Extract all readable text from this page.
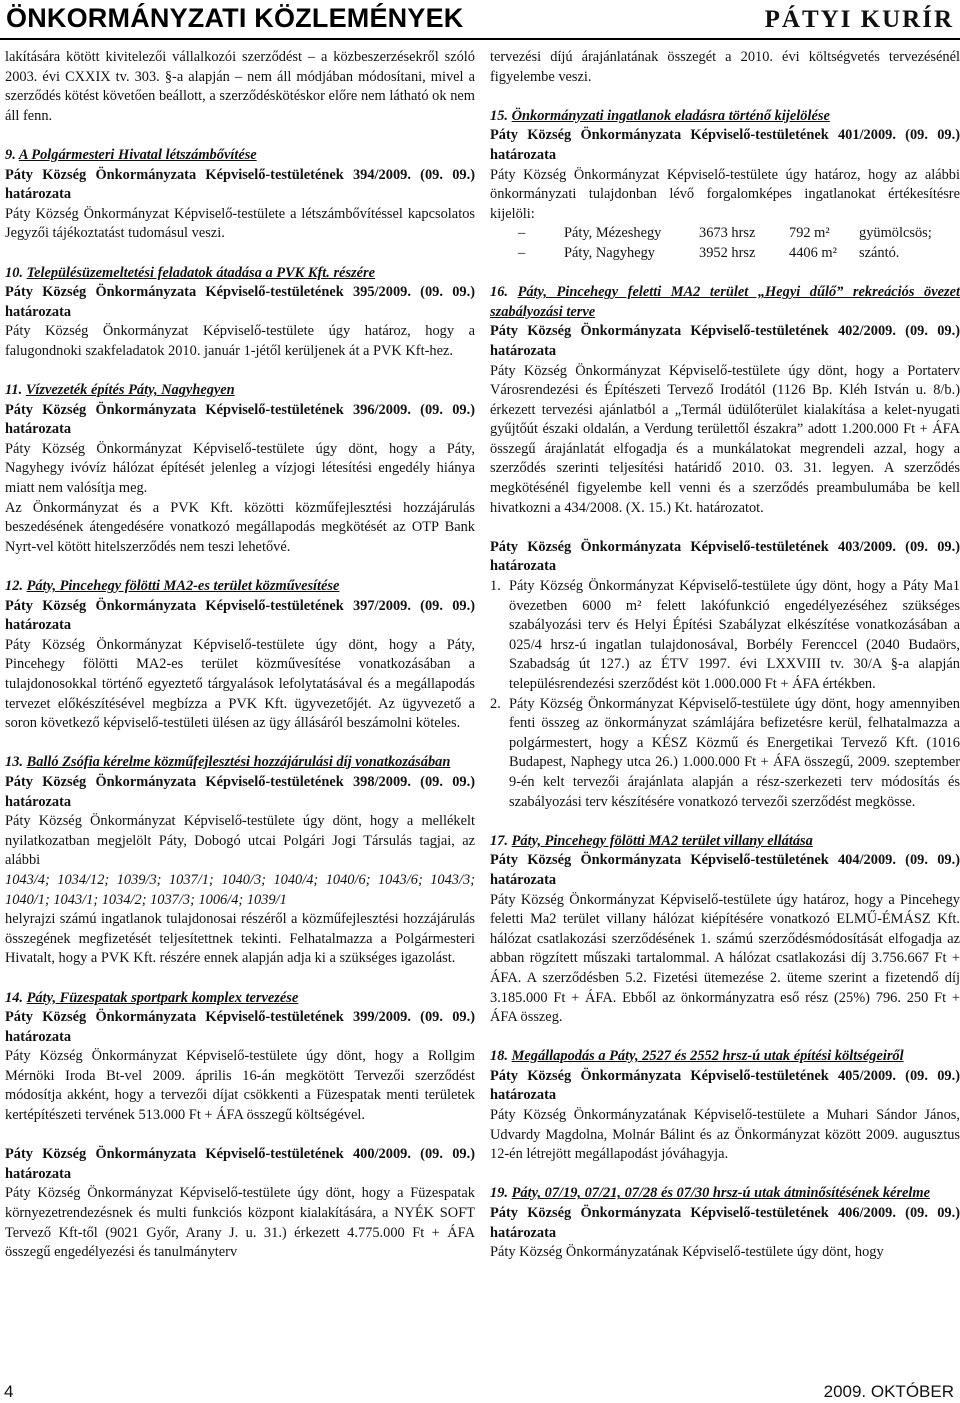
ÖNKORMÁNYZATI KÖZLEMÉNYEK	PÁTYI KURÍR

lakítására kötött kivitelezői vállalkozói szerződést – a közbeszerzésekről szóló 2003. évi CXXIX tv. 303. §-a alapján – nem áll módjában módosítani, mivel a szerződés kötést követően beállott, a szerződéskötéskor előre nem látható ok nem áll fenn.

9. A Polgármesteri Hivatal létszámbővítése

Páty Község Önkormányzata Képviselő-testületének 394/2009. (09. 09.) határozata

Páty Község Önkormányzat Képviselő-testülete a létszámbővítéssel kapcsolatos Jegyzői tájékoztatást tudomásul veszi.

10. Településüzemeltetési feladatok átadása a PVK Kft. részére

Páty Község Önkormányzata Képviselő-testületének 395/2009. (09. 09.) határozata

Páty Község Önkormányzat Képviselő-testülete úgy határoz, hogy a falugondnoki szakfeladatok 2010. január 1-jétől kerüljenek át a PVK Kft-hez.

11. Vízvezeték építés Páty, Nagyhegyen

Páty Község Önkormányzata Képviselő-testületének 396/2009. (09. 09.) határozata

Páty Község Önkormányzat Képviselő-testülete úgy dönt, hogy a Páty, Nagyhegy ivóvíz hálózat építését jelenleg a vízjogi létesítési engedély hiánya miatt nem valósítja meg.

Az Önkormányzat és a PVK Kft. közötti közműfejlesztési hozzájárulás beszedésének átengedésére vonatkozó megállapodás megkötését az OTP Bank Nyrt-vel kötött hitelszerződés nem teszi lehetővé.

12. Páty, Pincehegy fölötti MA2-es terület közművesítése

Páty Község Önkormányzata Képviselő-testületének 397/2009. (09. 09.) határozata

Páty Község Önkormányzat Képviselő-testülete úgy dönt, hogy a Páty, Pincehegy fölötti MA2-es terület közművesítése vonatkozásában a tulajdonosokkal történő egyeztető tárgyalások lefolytatásával és a megállapodás tervezet előkészítésével megbízza a PVK Kft. ügyvezetőjét. Az ügyvezető a soron következő képviselő-testületi ülésen az ügy állásáról beszámolni köteles.

13. Balló Zsófia kérelme közműfejlesztési hozzájárulási díj vonatkozásában

Páty Község Önkormányzata Képviselő-testületének 398/2009. (09. 09.) határozata

Páty Község Önkormányzat Képviselő-testülete úgy dönt, hogy a mellékelt nyilatkozatban megjelölt Páty, Dobogó utcai Polgári Jogi Társulás tagjai, az alábbi

1043/4; 1034/12; 1039/3; 1037/1; 1040/3; 1040/4; 1040/6; 1043/6; 1043/3; 1040/1; 1043/1; 1034/2; 1037/3; 1006/4; 1039/1

helyrajzi számú ingatlanok tulajdonosai részéről a közműfejlesztési hozzájárulás összegének megfizetését teljesítettnek tekinti. Felhatalmazza a Polgármesteri Hivatalt, hogy a PVK Kft. részére ennek alapján adja ki a szükséges igazolást.

14. Páty, Füzespatak sportpark komplex tervezése

Páty Község Önkormányzata Képviselő-testületének 399/2009. (09. 09.) határozata

Páty Község Önkormányzat Képviselő-testülete úgy dönt, hogy a Rollgim Mérnöki Iroda Bt-vel 2009. április 16-án megkötött Tervezői szerződést módosítja akként, hogy a tervezői díjat csökkenti a Füzespatak menti területek kertépítészeti tervének 513.000 Ft + ÁFA összegű költségével.

Páty Község Önkormányzata Képviselő-testületének 400/2009. (09. 09.) határozata

Páty Község Önkormányzat Képviselő-testülete úgy dönt, hogy a Füzespatak környezetrendezésnek és multi funkciós központ kialakítására, a NYÉK SOFT Tervező Kft-től (9021 Győr, Arany J. u. 31.) érkezett 4.775.000 Ft + ÁFA összegű engedélyezési és tanulmányterv

tervezési díjú árajánlatának összegét a 2010. évi költségvetés tervezésénél figyelembe veszi.

15. Önkormányzati ingatlanok eladásra történő kijelölése

Páty Község Önkormányzata Képviselő-testületének 401/2009. (09. 09.) határozata

Páty Község Önkormányzat Képviselő-testülete úgy határoz, hogy az alábbi önkormányzati tulajdonban lévő forgalomképes ingatlanokat értékesítésre kijelöli:

–	Páty, Mézeshegy	3673 hrsz	792 m²	gyümölcsös;
–	Páty, Nagyhegy	3952 hrsz	4406 m²	szántó.

16. Páty, Pincehegy feletti MA2 terület „Hegyi dűlő” rekreációs övezet szabályozási terve

Páty Község Önkormányzata Képviselő-testületének 402/2009. (09. 09.) határozata

Páty Község Önkormányzat Képviselő-testülete úgy dönt, hogy a Portaterv Városrendezési és Építészeti Tervező Irodától (1126 Bp. Kléh István u. 8/b.) érkezett tervezési ajánlatból a „Termál üdülőterület kialakítása a kelet-nyugati gyűjtőút északi oldalán, a Verdung területtől északra” adott 1.200.000 Ft + ÁFA összegű árajánlatát elfogadja és a munkálatokat megrendeli azzal, hogy a szerződés szerinti teljesítési határidő 2010. 03. 31. legyen. A szerződés megkötésénél figyelembe kell venni és a szerződés preambulumába be kell hivatkozni a 434/2008. (X. 15.) Kt. határozatot.

Páty Község Önkormányzata Képviselő-testületének 403/2009. (09. 09.) határozata

1. Páty Község Önkormányzat Képviselő-testülete úgy dönt, hogy a Páty Ma1 övezetben 6000 m² felett lakófunkció engedélyezéséhez szükséges szabályozási terv és Helyi Építési Szabályzat elkészítése vonatkozásában a 025/4 hrsz-ú ingatlan tulajdonosával, Borbély Ferenccel (2040 Budaörs, Szabadság út 127.) az ÉTV 1997. évi LXXVIII tv. 30/A §-a alapján településrendezési szerződést köt 1.000.000 Ft + ÁFA értékben.
2. Páty Község Önkormányzat Képviselő-testülete úgy dönt, hogy amennyiben fenti összeg az önkormányzat számlájára befizetésre kerül, felhatalmazza a polgármestert, hogy a KÉSZ Közmű és Energetikai Tervező Kft. (1016 Budapest, Naphegy utca 26.) 1.000.000 Ft + ÁFA összegű, 2009. szeptember 9-én kelt tervezői árajánlata alapján a rész-szerkezeti terv módosítás és szabályozási terv készítésére vonatkozó tervezői szerződést megkösse.

17. Páty, Pincehegy fölötti MA2 terület villany ellátása

Páty Község Önkormányzata Képviselő-testületének 404/2009. (09. 09.) határozata

Páty Község Önkormányzat Képviselő-testülete úgy határoz, hogy a Pincehegy feletti Ma2 terület villany hálózat kiépítésére vonatkozó ELMŰ-ÉMÁSZ Kft. hálózat csatlakozási szerződésének 1. számú szerződésmódosítását elfogadja az abban rögzített műszaki tartalommal. A hálózat csatlakozási díj 3.756.667 Ft + ÁFA. A szerződésben 5.2. Fizetési ütemezése 2. üteme szerint a fizetendő díj 3.185.000 Ft + ÁFA. Ebből az önkormányzatra eső rész (25%) 796. 250 Ft + ÁFA összeg.

18. Megállapodás a Páty, 2527 és 2552 hrsz-ú utak építési költségeiről

Páty Község Önkormányzata Képviselő-testületének 405/2009. (09. 09.) határozata

Páty Község Önkormányzatának Képviselő-testülete a Muhari Sándor János, Udvardy Magdolna, Molnár Bálint és az Önkormányzat között 2009. augusztus 12-én létrejött megállapodást jóváhagyja.

19. Páty, 07/19, 07/21, 07/28 és 07/30 hrsz-ú utak átminősítésének kérelme

Páty Község Önkormányzata Képviselő-testületének 406/2009. (09. 09.) határozata

Páty Község Önkormányzatának Képviselő-testülete úgy dönt, hogy

4	2009. OKTÓBER
